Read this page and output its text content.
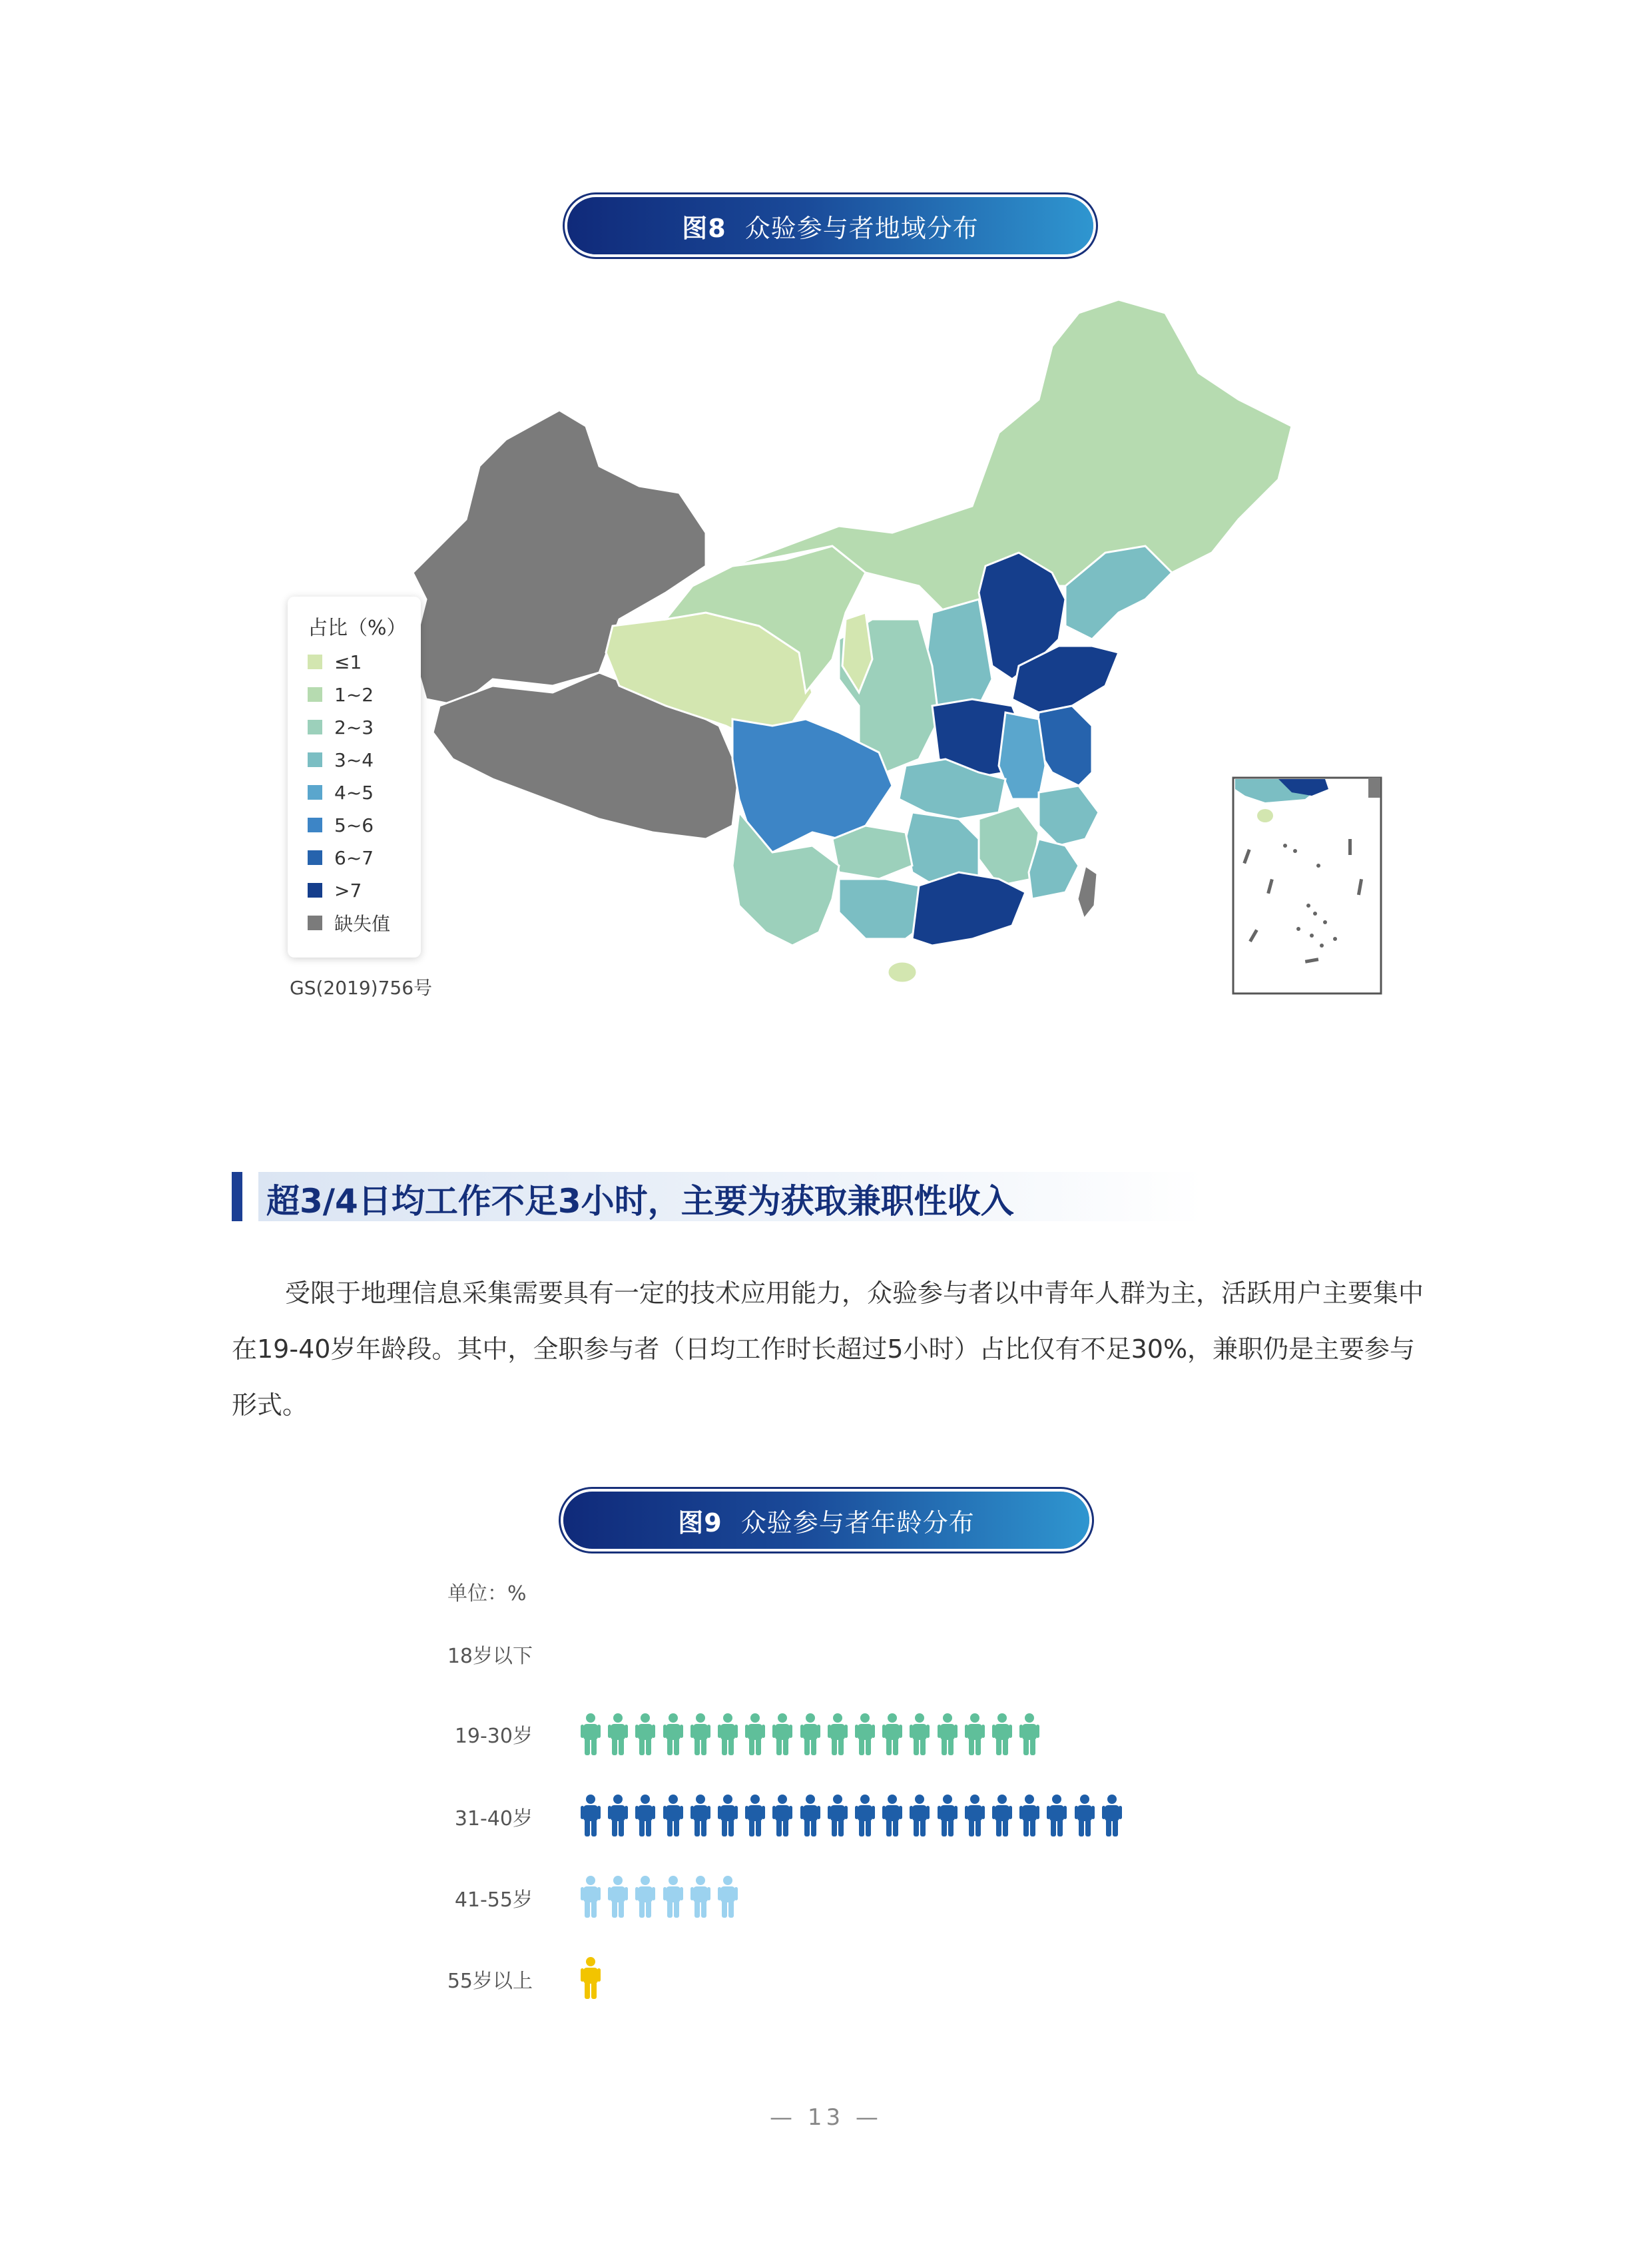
图8 众验参与者地域分布
占比（%）
≤1
1~2
2~3
3~4
4~5
5~6
6~7
>7
缺失值
GS(2019)756号
超3/4日均工作不足3小时，主要为获取兼职性收入

受限于地理信息采集需要具有一定的技术应用能力，众验参与者以中青年人群为主，活跃用户主要集中在19-40岁年龄段。其中，全职参与者（日均工作时长超过5小时）占比仅有不足30%，兼职仍是主要参与形式。

图9 众验参与者年龄分布
单位：%
18岁以下
19-30岁
31-40岁
41-55岁
55岁以上
— 13 —
